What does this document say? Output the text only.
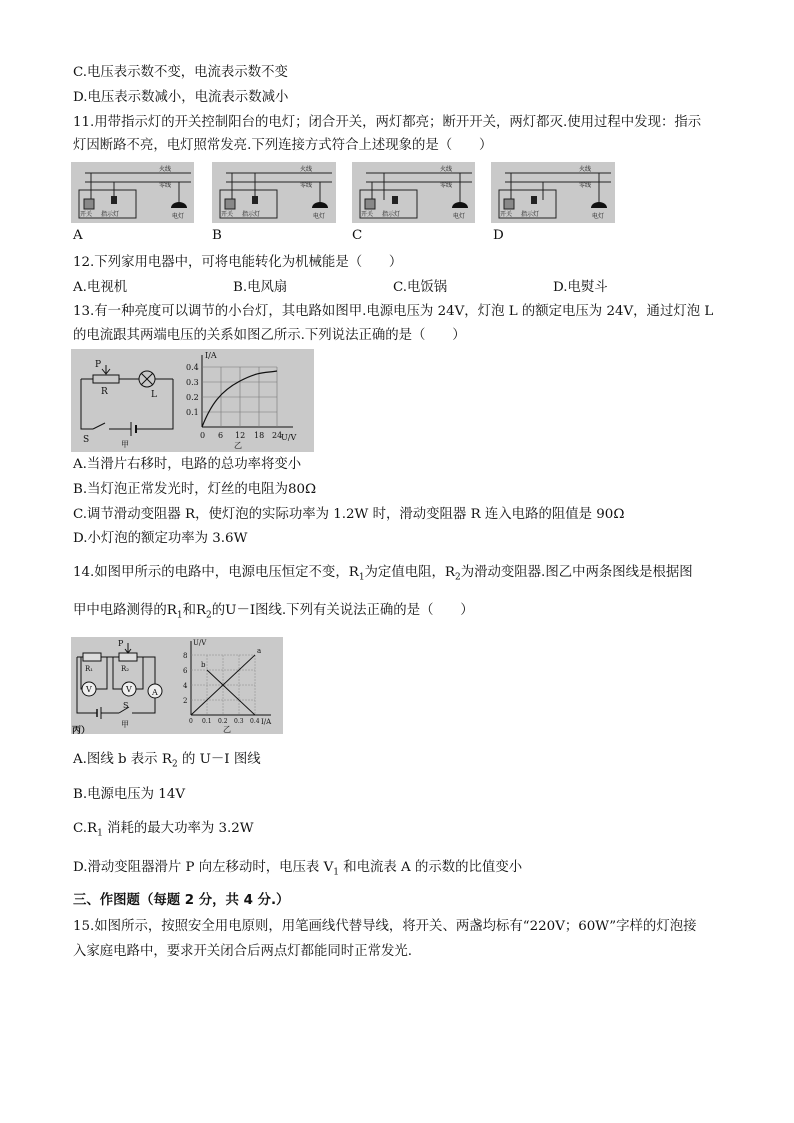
C.电压表示数不变，电流表示数不变
D.电压表示数减小，电流表示数减小
11.用带指示灯的开关控制阳台的电灯；闭合开关，两灯都亮；断开开关，两灯都灭.使用过程中发现：指示
灯因断路不亮，电灯照常发亮.下列连接方式符合上述现象的是（　　）
火线
零线
开关 指示灯	电灯
火线
零线
开关 指示灯	电灯
火线
零线
开关 指示灯	电灯
火线
零线
开关 指示灯	电灯
A	B	C	D
12.下列家用电器中，可将电能转化为机械能是（　　）
A.电视机	B.电风扇	C.电饭锅	D.电熨斗
13.有一种亮度可以调节的小台灯，其电路如图甲.电源电压为 24V，灯泡 L 的额定电压为 24V，通过灯泡 L
的电流跟其两端电压的关系如图乙所示.下列说法正确的是（　　）
P
R	L
S	甲
I/A
U/V
0.4
0.3
0.2
0.1
0 6 12 18 24
乙
A.当滑片右移时，电路的总功率将变小
B.当灯泡正常发光时，灯丝的电阻为80Ω
C.调节滑动变阻器 R，使灯泡的实际功率为 1.2W 时，滑动变阻器 R 连入电路的阻值是 90Ω
D.小灯泡的额定功率为 3.6W
14.如图甲所示的电路中，电源电压恒定不变，$R_1$为定值电阻，$R_2$为滑动变阻器.图乙中两条图线是根据图
甲中电路测得的$R_1$和$R_2$的U－I图线.下列有关说法正确的是（　　）
A
V	V
R₁	R₂
P
S
甲
丙）
a
b
U/V
I/A
8
6
4
2
0 0.1 0.2 0.3 0.4
乙
A.图线 b 表示 $R_2$ 的 U－I 图线
B.电源电压为 14V
$C.R_1$ 消耗的最大功率为 3.2W
D.滑动变阻器滑片 P 向左移动时，电压表 $V_1$ 和电流表 A 的示数的比值变小
三、作图题（每题 2 分，共 4 分.）
15.如图所示，按照安全用电原则，用笔画线代替导线，将开关、两盏均标有“220V；60W”字样的灯泡接
入家庭电路中，要求开关闭合后两点灯都能同时正常发光.
